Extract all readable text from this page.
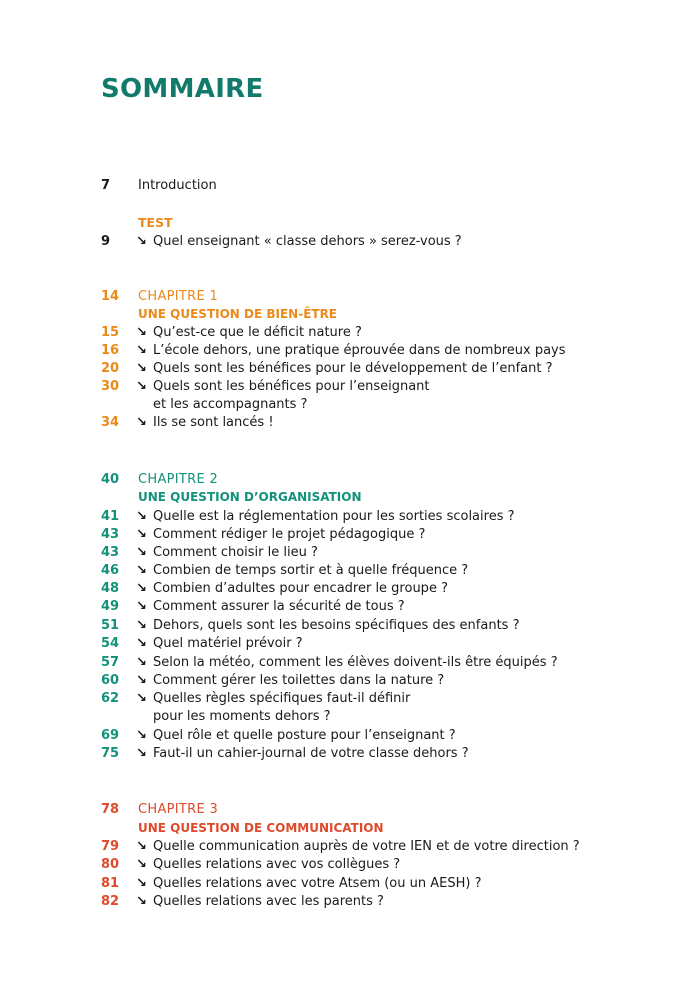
SOMMAIRE
7 Introduction
TEST
9 ↘ Quel enseignant « classe dehors » serez-vous ?
14 CHAPITRE 1
UNE QUESTION DE BIEN-ÊTRE
15 ↘ Qu’est-ce que le déficit nature ?
16 ↘ L’école dehors, une pratique éprouvée dans de nombreux pays
20 ↘ Quels sont les bénéfices pour le développement de l’enfant ?
30 ↘ Quels sont les bénéfices pour l’enseignant
et les accompagnants ?
34 ↘ Ils se sont lancés !
40 CHAPITRE 2
UNE QUESTION D’ORGANISATION
41 ↘ Quelle est la réglementation pour les sorties scolaires ?
43 ↘ Comment rédiger le projet pédagogique ?
43 ↘ Comment choisir le lieu ?
46 ↘ Combien de temps sortir et à quelle fréquence ?
48 ↘ Combien d’adultes pour encadrer le groupe ?
49 ↘ Comment assurer la sécurité de tous ?
51 ↘ Dehors, quels sont les besoins spécifiques des enfants ?
54 ↘ Quel matériel prévoir ?
57 ↘ Selon la météo, comment les élèves doivent-ils être équipés ?
60 ↘ Comment gérer les toilettes dans la nature ?
62 ↘ Quelles règles spécifiques faut-il définir
pour les moments dehors ?
69 ↘ Quel rôle et quelle posture pour l’enseignant ?
75 ↘ Faut-il un cahier-journal de votre classe dehors ?
78 CHAPITRE 3
UNE QUESTION DE COMMUNICATION
79 ↘ Quelle communication auprès de votre IEN et de votre direction ?
80 ↘ Quelles relations avec vos collègues ?
81 ↘ Quelles relations avec votre Atsem (ou un AESH) ?
82 ↘ Quelles relations avec les parents ?
